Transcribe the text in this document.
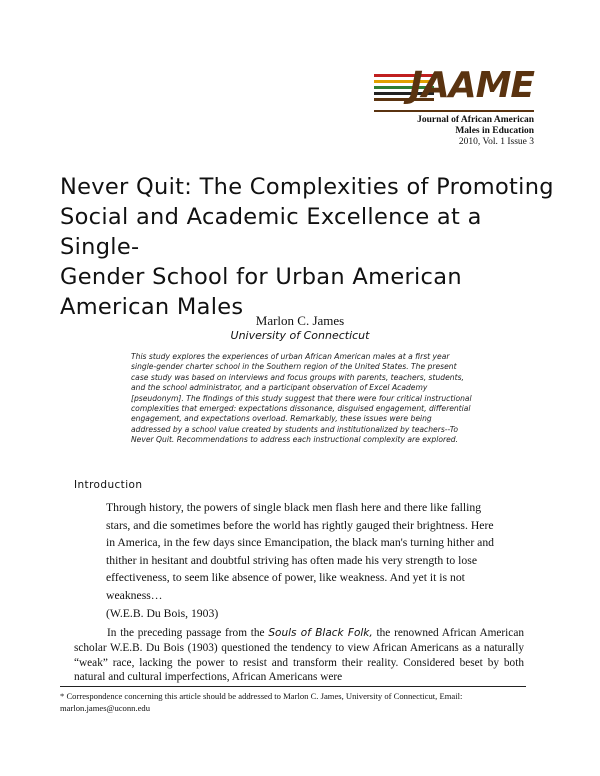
JAAME
Journal of African American
Males in Education
2010, Vol. 1 Issue 3
Never Quit: The Complexities of Promoting
Social and Academic Excellence at a Single-
Gender School for Urban American
American Males
Marlon C. James
University of Connecticut

This study explores the experiences of urban African American males at a first year single-gender charter school in the Southern region of the United States. The present case study was based on interviews and focus groups with parents, teachers, students, and the school administrator, and a participant observation of Excel Academy [pseudonym]. The findings of this study suggest that there were four critical instructional complexities that emerged: expectations dissonance, disguised engagement, differential engagement, and expectations overload. Remarkably, these issues were being addressed by a school value created by students and institutionalized by teachers--To Never Quit. Recommendations to address each instructional complexity are explored.

Introduction

Through history, the powers of single black men flash here and there like falling stars, and die sometimes before the world has rightly gauged their brightness. Here in America, in the few days since Emancipation, the black man's turning hither and thither in hesitant and doubtful striving has often made his very strength to lose effectiveness, to seem like absence of power, like weakness. And yet it is not weakness…

(W.E.B. Du Bois, 1903)

In the preceding passage from the Souls of Black Folk, the renowned African American scholar W.E.B. Du Bois (1903) questioned the tendency to view African Americans as a naturally “weak” race, lacking the power to resist and transform their reality. Considered beset by both natural and cultural imperfections, African Americans were

* Correspondence concerning this article should be addressed to Marlon C. James, University of Connecticut, Email: marlon.james@uconn.edu
